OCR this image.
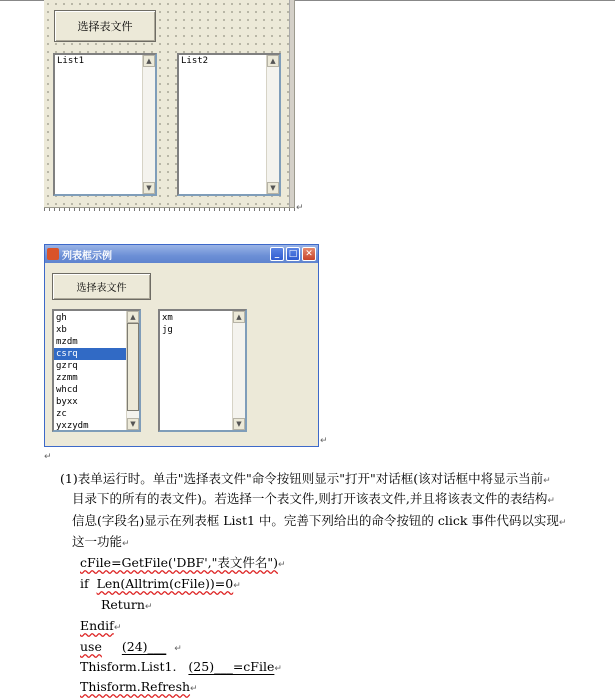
选择表文件
List1	▲
▼
List2	▲
▼
↵
列表框示例	_	□ ✕
选择表文件
gh
xb
mzdm
csrq
gzrq
zzmm
whcd
byxx
zc
yxzydm
▲
▼
xm
jg
▲
▼
↵
↵
(1)表单运行时。单击"选择表文件"命令按钮则显示"打开"对话框(该对话框中将显示当前↵
目录下的所有的表文件)。若选择一个表文件,则打开该表文件,并且将该表文件的表结构↵
信息(字段名)显示在列表框 List1 中。完善下列给出的命令按钮的 click 事件代码以实现↵
这一功能↵
cFile=GetFile('DBF',"表文件名")↵
if Len(Alltrim(cFile))=0↵
Return↵
Endif↵
use (24)___ ↵
Thisform.List1. (25)___=cFile↵
Thisform.Refresh↵
